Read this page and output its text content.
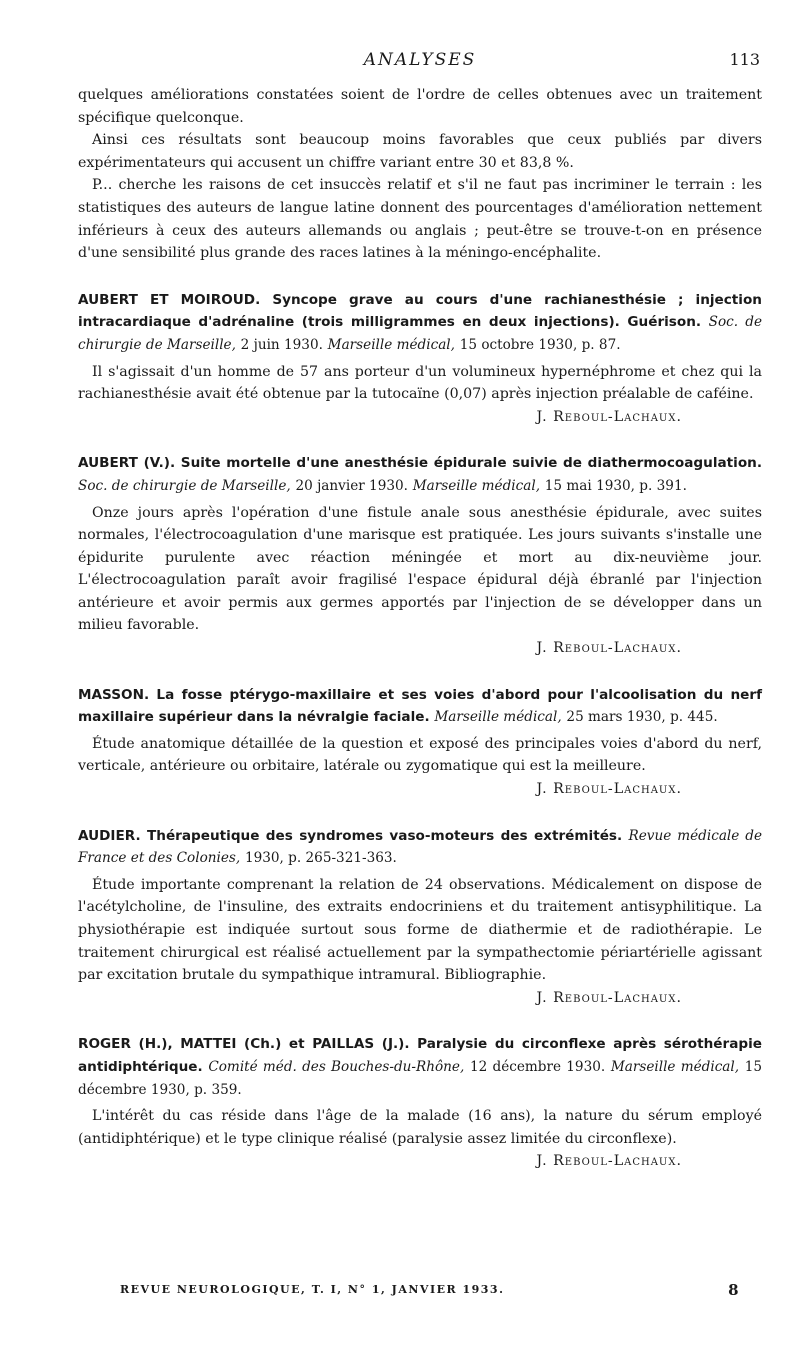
ANALYSES	113

quelques améliorations constatées soient de l'ordre de celles obtenues avec un traitement spécifique quelconque.

Ainsi ces résultats sont beaucoup moins favorables que ceux publiés par divers expérimentateurs qui accusent un chiffre variant entre 30 et 83,8 %.

P... cherche les raisons de cet insuccès relatif et s'il ne faut pas incriminer le terrain : les statistiques des auteurs de langue latine donnent des pourcentages d'amélioration nettement inférieurs à ceux des auteurs allemands ou anglais ; peut-être se trouve-t-on en présence d'une sensibilité plus grande des races latines à la méningo-encéphalite.

AUBERT ET MOIROUD. Syncope grave au cours d'une rachianesthésie ; injection intracardiaque d'adrénaline (trois milligrammes en deux injections). Guérison. Soc. de chirurgie de Marseille, 2 juin 1930. Marseille médical, 15 octobre 1930, p. 87.

Il s'agissait d'un homme de 57 ans porteur d'un volumineux hypernéphrome et chez qui la rachianesthésie avait été obtenue par la tutocaïne (0,07) après injection préalable de caféine.

J. Reboul-Lachaux.

AUBERT (V.). Suite mortelle d'une anesthésie épidurale suivie de diathermocoagulation. Soc. de chirurgie de Marseille, 20 janvier 1930. Marseille médical, 15 mai 1930, p. 391.

Onze jours après l'opération d'une fistule anale sous anesthésie épidurale, avec suites normales, l'électrocoagulation d'une marisque est pratiquée. Les jours suivants s'installe une épidurite purulente avec réaction méningée et mort au dix-neuvième jour. L'électrocoagulation paraît avoir fragilisé l'espace épidural déjà ébranlé par l'injection antérieure et avoir permis aux germes apportés par l'injection de se développer dans un milieu favorable.

J. Reboul-Lachaux.

MASSON. La fosse ptérygo-maxillaire et ses voies d'abord pour l'alcoolisation du nerf maxillaire supérieur dans la névralgie faciale. Marseille médical, 25 mars 1930, p. 445.

Étude anatomique détaillée de la question et exposé des principales voies d'abord du nerf, verticale, antérieure ou orbitaire, latérale ou zygomatique qui est la meilleure.

J. Reboul-Lachaux.

AUDIER. Thérapeutique des syndromes vaso-moteurs des extrémités. Revue médicale de France et des Colonies, 1930, p. 265-321-363.

Étude importante comprenant la relation de 24 observations. Médicalement on dispose de l'acétylcholine, de l'insuline, des extraits endocriniens et du traitement antisyphilitique. La physiothérapie est indiquée surtout sous forme de diathermie et de radiothérapie. Le traitement chirurgical est réalisé actuellement par la sympathectomie périartérielle agissant par excitation brutale du sympathique intramural. Bibliographie.

J. Reboul-Lachaux.

ROGER (H.), MATTEI (Ch.) et PAILLAS (J.). Paralysie du circonflexe après sérothérapie antidiphtérique. Comité méd. des Bouches-du-Rhône, 12 décembre 1930. Marseille médical, 15 décembre 1930, p. 359.

L'intérêt du cas réside dans l'âge de la malade (16 ans), la nature du sérum employé (antidiphtérique) et le type clinique réalisé (paralysie assez limitée du circonflexe).

J. Reboul-Lachaux.

REVUE NEUROLOGIQUE, T. I, N° 1, JANVIER 1933.	8
